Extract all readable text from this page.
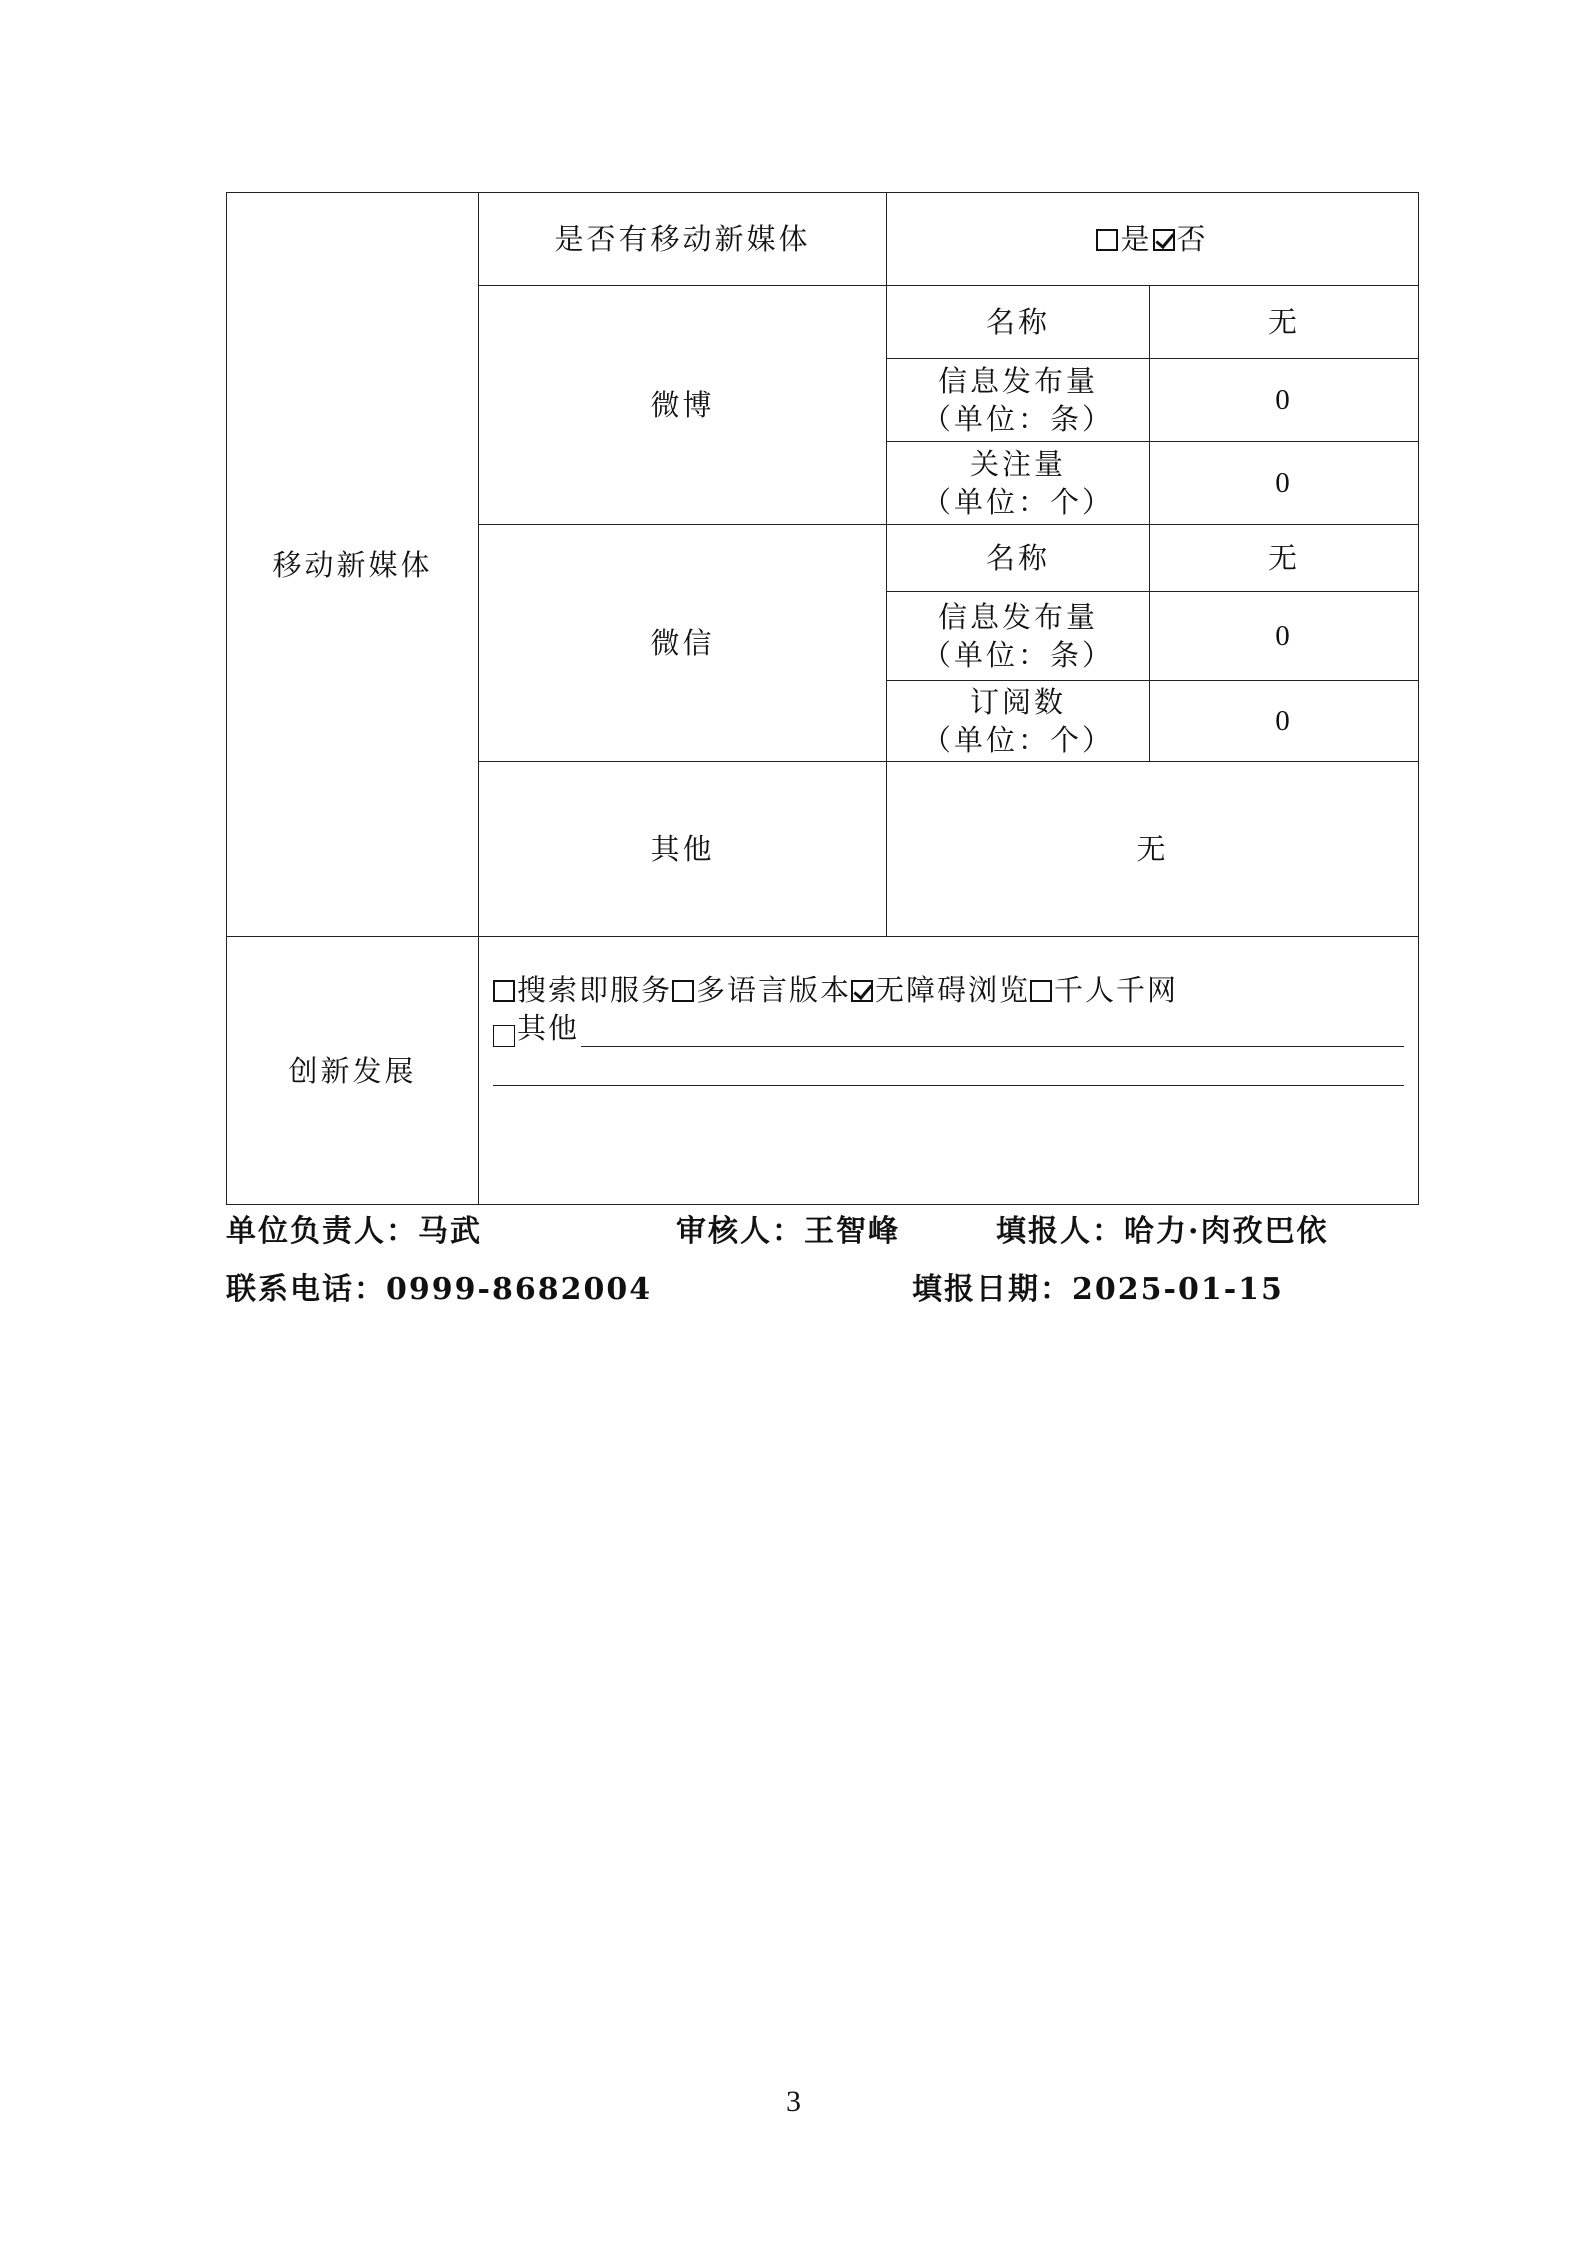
移动新媒体	是否有移动新媒体	是 否	
	微博	名称	无

		信息发布量
（单位：条）	0

		关注量
（单位：个）	0
	微信	名称	无

		信息发布量
（单位：条）	0

		订阅数
（单位：个）	0
	其他	无	
创新发展	搜索即服务 多语言版本 无障碍浏览 千人千网
其他		
单位负责人：马武	审核人：王智峰	填报人：哈力·肉孜巴依
联系电话：0999-8682004	填报日期：2025-01-15
3
